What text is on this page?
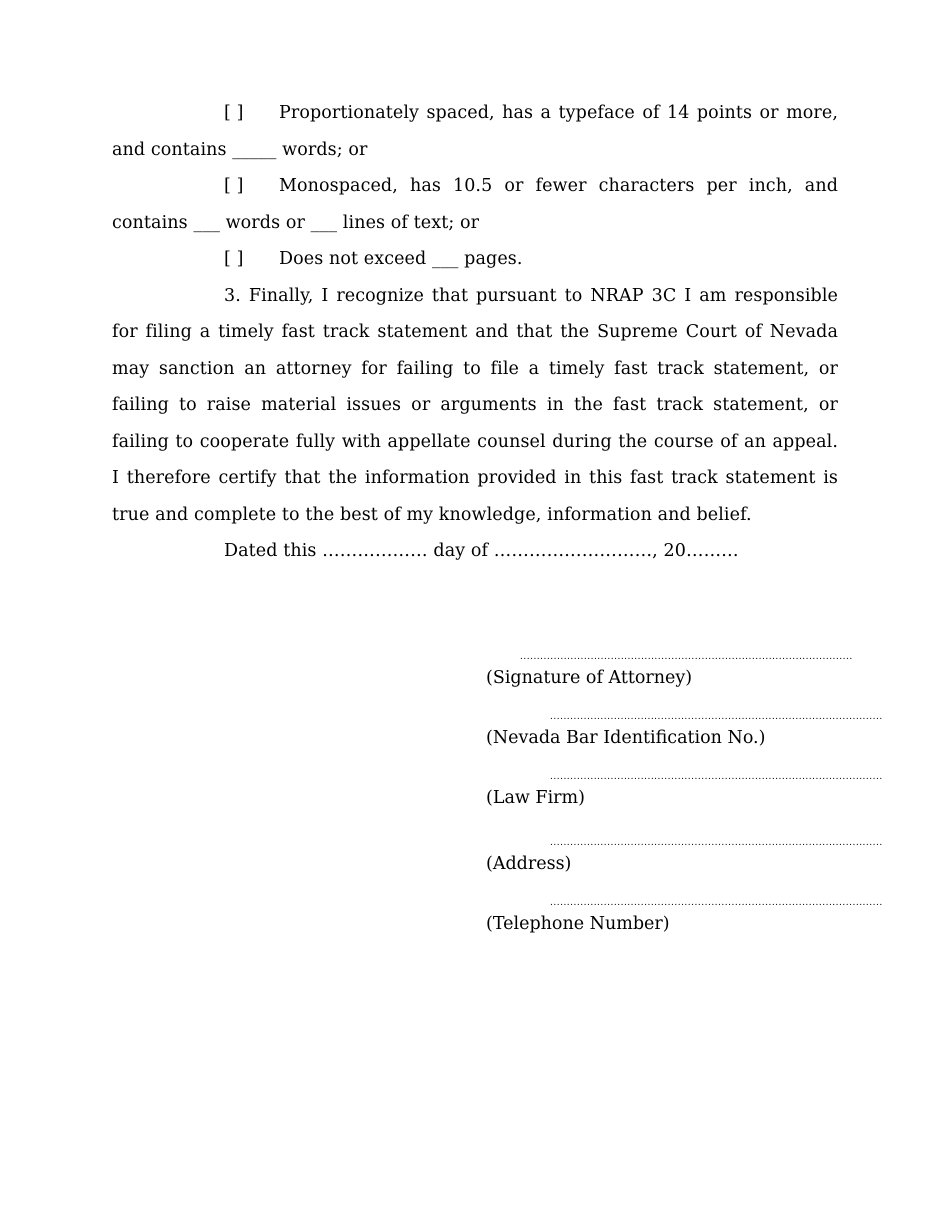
[ ] Proportionately spaced, has a typeface of 14 points or more, and contains _____ words; or

[ ] Monospaced, has 10.5 or fewer characters per inch, and contains ___ words or ___ lines of text; or

[ ] Does not exceed ___ pages.

3. Finally, I recognize that pursuant to NRAP 3C I am responsible for filing a timely fast track statement and that the Supreme Court of Nevada may sanction an attorney for failing to file a timely fast track statement, or failing to raise material issues or arguments in the fast track statement, or failing to cooperate fully with appellate counsel during the course of an appeal. I therefore certify that the information provided in this fast track statement is true and complete to the best of my knowledge, information and belief.

Dated this ……………… day of ………………………, 20………

...................................................................................................
(Signature of Attorney)
...................................................................................................
(Nevada Bar Identification No.)
...................................................................................................
(Law Firm)
...................................................................................................
(Address)
...................................................................................................
(Telephone Number)
